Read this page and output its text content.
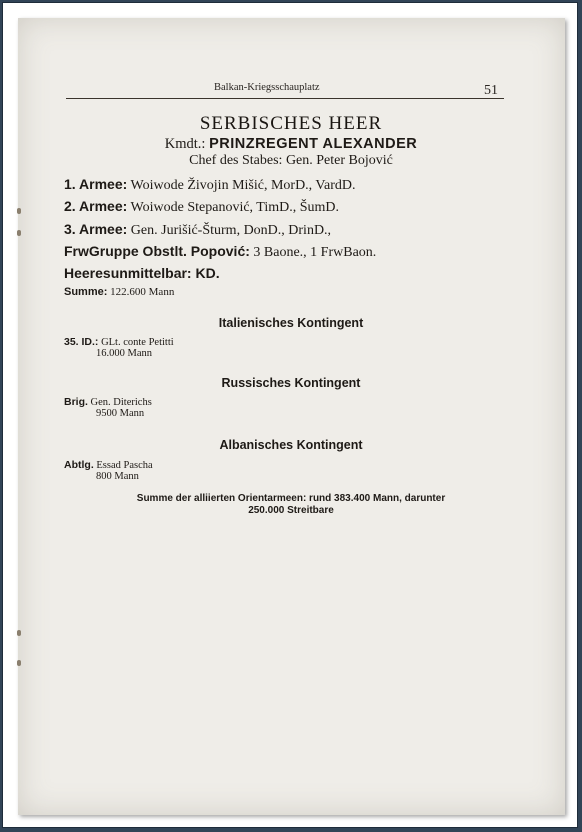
Balkan-Kriegsschauplatz	51
SERBISCHES HEER
Kmdt.: PRINZREGENT ALEXANDER
Chef des Stabes: Gen. Peter Bojović
1. Armee: Woiwode Živojin Mišić, MorD., VardD.
2. Armee: Woiwode Stepanović, TimD., ŠumD.
3. Armee: Gen. Jurišić-Šturm, DonD., DrinD.,
FrwGruppe Obstlt. Popović: 3 Baone., 1 FrwBaon.
Heeresunmittelbar: KD.
Summe: 122.600 Mann
Italienisches Kontingent
35. ID.: GLt. conte Petitti
16.000 Mann
Russisches Kontingent
Brig. Gen. Diterichs
9500 Mann
Albanisches Kontingent
Abtlg. Essad Pascha
800 Mann
Summe der alliierten Orientarmeen: rund 383.400 Mann, darunter
250.000 Streitbare
